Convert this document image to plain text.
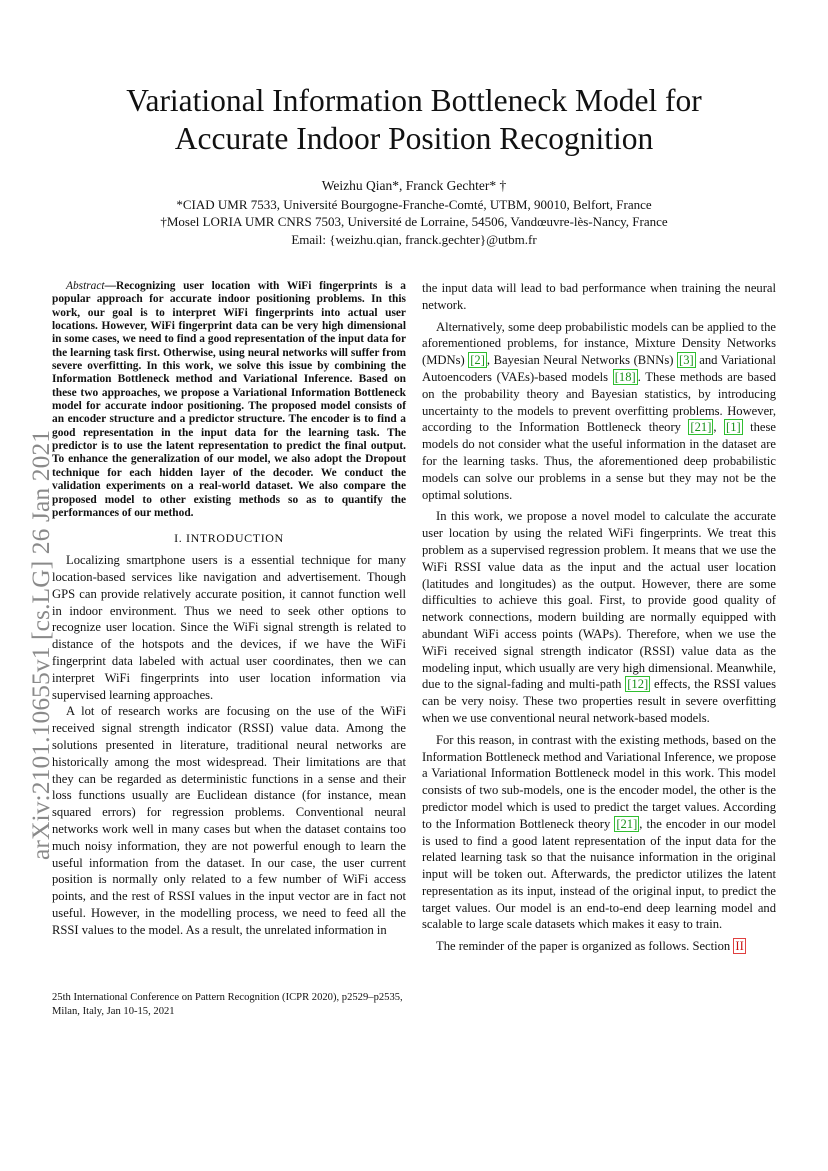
arXiv:2101.10655v1 [cs.LG] 26 Jan 2021
Variational Information Bottleneck Model for
Accurate Indoor Position Recognition
Weizhu Qian*, Franck Gechter* †
*CIAD UMR 7533, Université Bourgogne-Franche-Comté, UTBM, 90010, Belfort, France
†Mosel LORIA UMR CNRS 7503, Université de Lorraine, 54506, Vandœuvre-lès-Nancy, France
Email: {weizhu.qian, franck.gechter}@utbm.fr

Abstract—Recognizing user location with WiFi fingerprints is a popular approach for accurate indoor positioning problems. In this work, our goal is to interpret WiFi fingerprints into actual user locations. However, WiFi fingerprint data can be very high dimensional in some cases, we need to find a good representation of the input data for the learning task first. Otherwise, using neural networks will suffer from severe overfitting. In this work, we solve this issue by combining the Information Bottleneck method and Variational Inference. Based on these two approaches, we propose a Variational Information Bottleneck model for accurate indoor positioning. The proposed model consists of an encoder structure and a predictor structure. The encoder is to find a good representation in the input data for the learning task. The predictor is to use the latent representation to predict the final output. To enhance the generalization of our model, we also adopt the Dropout technique for each hidden layer of the decoder. We conduct the validation experiments on a real-world dataset. We also compare the proposed model to other existing methods so as to quantify the performances of our method.

I. INTRODUCTION

Localizing smartphone users is a essential technique for many location-based services like navigation and advertisement. Though GPS can provide relatively accurate position, it cannot function well in indoor environment. Thus we need to seek other options to recognize user location. Since the WiFi signal strength is related to distance of the hotspots and the devices, if we have the WiFi fingerprint data labeled with actual user coordinates, then we can interpret WiFi fingerprints into user location information via supervised learning approaches.

A lot of research works are focusing on the use of the WiFi received signal strength indicator (RSSI) value data. Among the solutions presented in literature, traditional neural networks are historically among the most widespread. Their limitations are that they can be regarded as deterministic functions in a sense and their loss functions usually are Euclidean distance (for instance, mean squared errors) for regression problems. Conventional neural networks work well in many cases but when the dataset contains too much noisy information, they are not powerful enough to learn the useful information from the dataset. In our case, the user current position is normally only related to a few number of WiFi access points, and the rest of RSSI values in the input vector are in fact not useful. However, in the modelling process, we need to feed all the RSSI values to the model. As a result, the unrelated information in

25th International Conference on Pattern Recognition (ICPR 2020), p2529–p2535, Milan, Italy, Jan 10-15, 2021

the input data will lead to bad performance when training the neural network.

Alternatively, some deep probabilistic models can be applied to the aforementioned problems, for instance, Mixture Density Networks (MDNs) [2] , Bayesian Neural Networks (BNNs) [3] and Variational Autoencoders (VAEs)-based models [18] . These methods are based on the probability theory and Bayesian statistics, by introducing uncertainty to the models to prevent overfitting problems. However, according to the Information Bottleneck theory [21] , [1] these models do not consider what the useful information in the dataset are for the learning tasks. Thus, the aforementioned deep probabilistic models can solve our problems in a sense but they may not be the optimal solutions.

In this work, we propose a novel model to calculate the accurate user location by using the related WiFi fingerprints. We treat this problem as a supervised regression problem. It means that we use the WiFi RSSI value data as the input and the actual user location (latitudes and longitudes) as the output. However, there are some difficulties to achieve this goal. First, to provide good quality of network connections, modern building are normally equipped with abundant WiFi access points (WAPs). Therefore, when we use the WiFi received signal strength indicator (RSSI) value data as the modeling input, which usually are very high dimensional. Meanwhile, due to the signal-fading and multi-path [12] effects, the RSSI values can be very noisy. These two properties result in severe overfitting when we use conventional neural network-based models.

For this reason, in contrast with the existing methods, based on the Information Bottleneck method and Variational Inference, we propose a Variational Information Bottleneck model in this work. This model consists of two sub-models, one is the encoder model, the other is the predictor model which is used to predict the target values. According to the Information Bottleneck theory [21] , the encoder in our model is used to find a good latent representation of the input data for the related learning task so that the nuisance information in the original input will be token out. Afterwards, the predictor utilizes the latent representation as its input, instead of the original input, to predict the target values. Our model is an end-to-end deep learning model and scalable to large scale datasets which makes it easy to train.

The reminder of the paper is organized as follows. Section II
